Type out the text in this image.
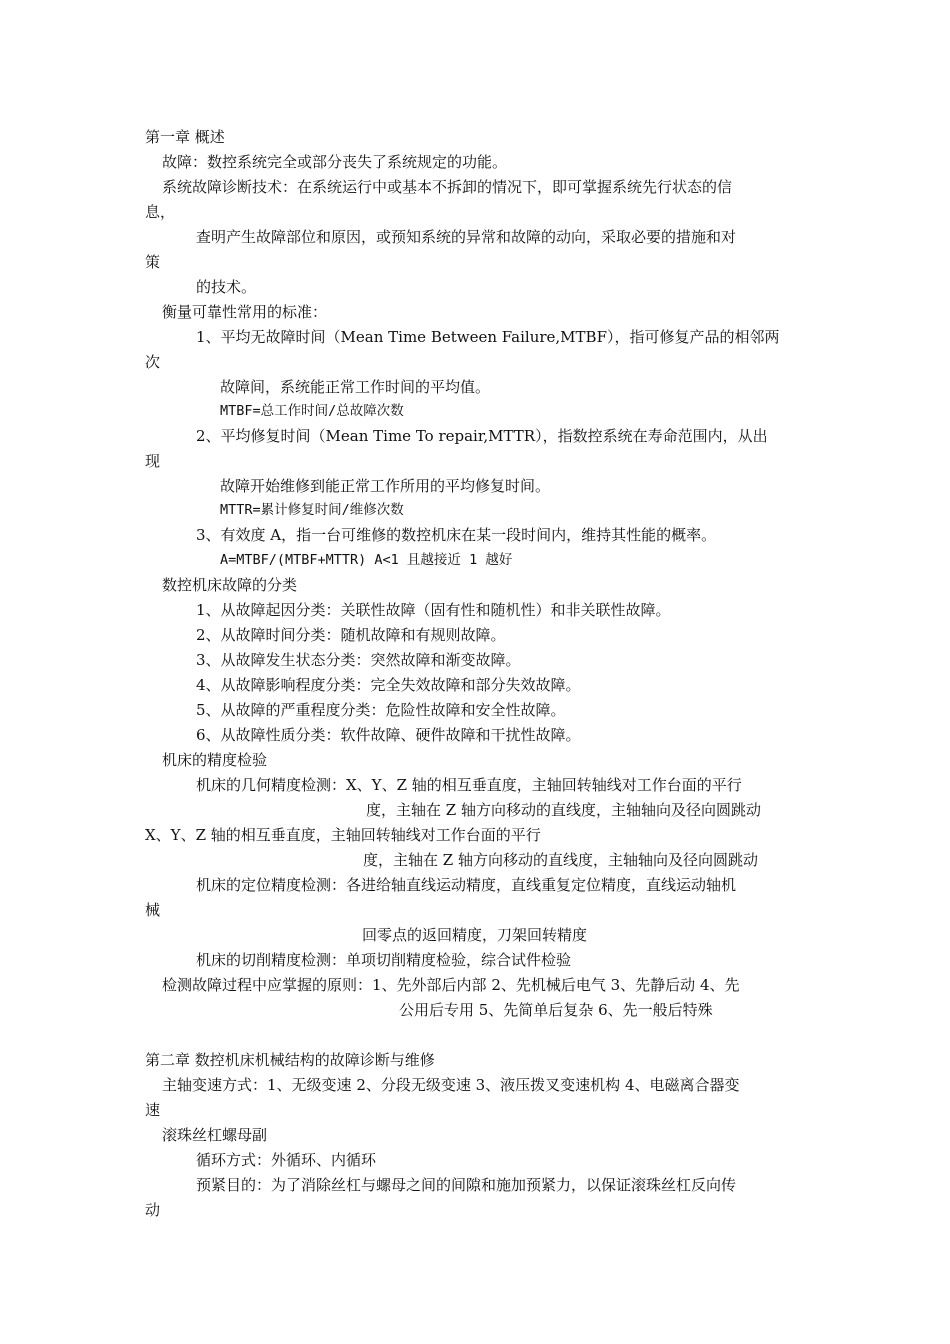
第一章 概述
故障：数控系统完全或部分丧失了系统规定的功能。
系统故障诊断技术：在系统运行中或基本不拆卸的情况下，即可掌握系统先行状态的信
息，
查明产生故障部位和原因，或预知系统的异常和故障的动向，采取必要的措施和对
策
的技术。
衡量可靠性常用的标准：
1、平均无故障时间（Mean Time Between Failure,MTBF），指可修复产品的相邻两
次
故障间，系统能正常工作时间的平均值。
MTBF=总工作时间/总故障次数
2、平均修复时间（Mean Time To repair,MTTR），指数控系统在寿命范围内，从出
现
故障开始维修到能正常工作所用的平均修复时间。
MTTR=累计修复时间/维修次数
3、有效度 A，指一台可维修的数控机床在某一段时间内，维持其性能的概率。
A=MTBF/(MTBF+MTTR) A<1 且越接近 1 越好
数控机床故障的分类
1、从故障起因分类：关联性故障（固有性和随机性）和非关联性故障。
2、从故障时间分类：随机故障和有规则故障。
3、从故障发生状态分类：突然故障和渐变故障。
4、从故障影响程度分类：完全失效故障和部分失效故障。
5、从故障的严重程度分类：危险性故障和安全性故障。
6、从故障性质分类：软件故障、硬件故障和干扰性故障。
机床的精度检验
机床的几何精度检测：X、Y、Z 轴的相互垂直度，主轴回转轴线对工作台面的平行
度，主轴在 Z 轴方向移动的直线度，主轴轴向及径向圆跳动
X、Y、Z 轴的相互垂直度，主轴回转轴线对工作台面的平行
度，主轴在 Z 轴方向移动的直线度，主轴轴向及径向圆跳动
机床的定位精度检测：各进给轴直线运动精度，直线重复定位精度，直线运动轴机
械
回零点的返回精度，刀架回转精度
机床的切削精度检测：单项切削精度检验，综合试件检验
检测故障过程中应掌握的原则：1、先外部后内部 2、先机械后电气 3、先静后动 4、先
公用后专用 5、先简单后复杂 6、先一般后特殊
第二章 数控机床机械结构的故障诊断与维修
主轴变速方式：1、无级变速 2、分段无级变速 3、液压拨叉变速机构 4、电磁离合器变
速
滚珠丝杠螺母副
循环方式：外循环、内循环
预紧目的：为了消除丝杠与螺母之间的间隙和施加预紧力，以保证滚珠丝杠反向传
动
